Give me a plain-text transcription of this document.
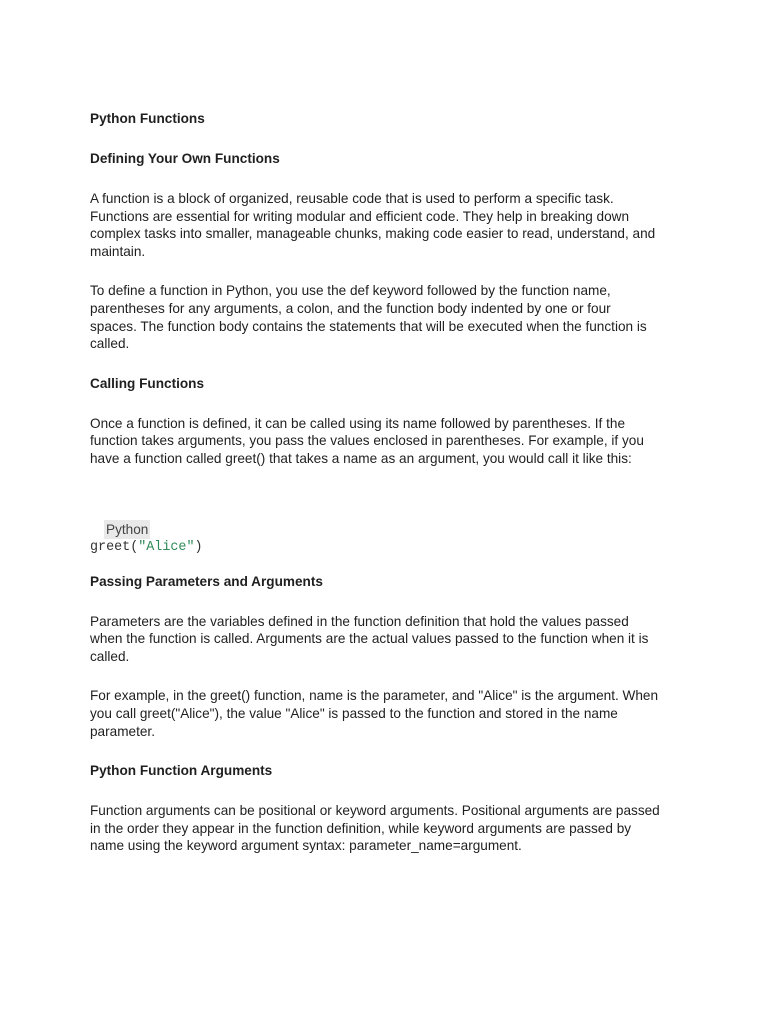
Python Functions
Defining Your Own Functions
A function is a block of organized, reusable code that is used to perform a specific task. Functions are essential for writing modular and efficient code. They help in breaking down complex tasks into smaller, manageable chunks, making code easier to read, understand, and maintain.
To define a function in Python, you use the def keyword followed by the function name, parentheses for any arguments, a colon, and the function body indented by one or four spaces. The function body contains the statements that will be executed when the function is called.
Calling Functions
Once a function is defined, it can be called using its name followed by parentheses. If the function takes arguments, you pass the values enclosed in parentheses. For example, if you have a function called greet() that takes a name as an argument, you would call it like this:
Python
greet("Alice")
Passing Parameters and Arguments
Parameters are the variables defined in the function definition that hold the values passed when the function is called. Arguments are the actual values passed to the function when it is called.
For example, in the greet() function, name is the parameter, and "Alice" is the argument. When you call greet("Alice"), the value "Alice" is passed to the function and stored in the name parameter.
Python Function Arguments
Function arguments can be positional or keyword arguments. Positional arguments are passed in the order they appear in the function definition, while keyword arguments are passed by name using the keyword argument syntax: parameter_name=argument.
